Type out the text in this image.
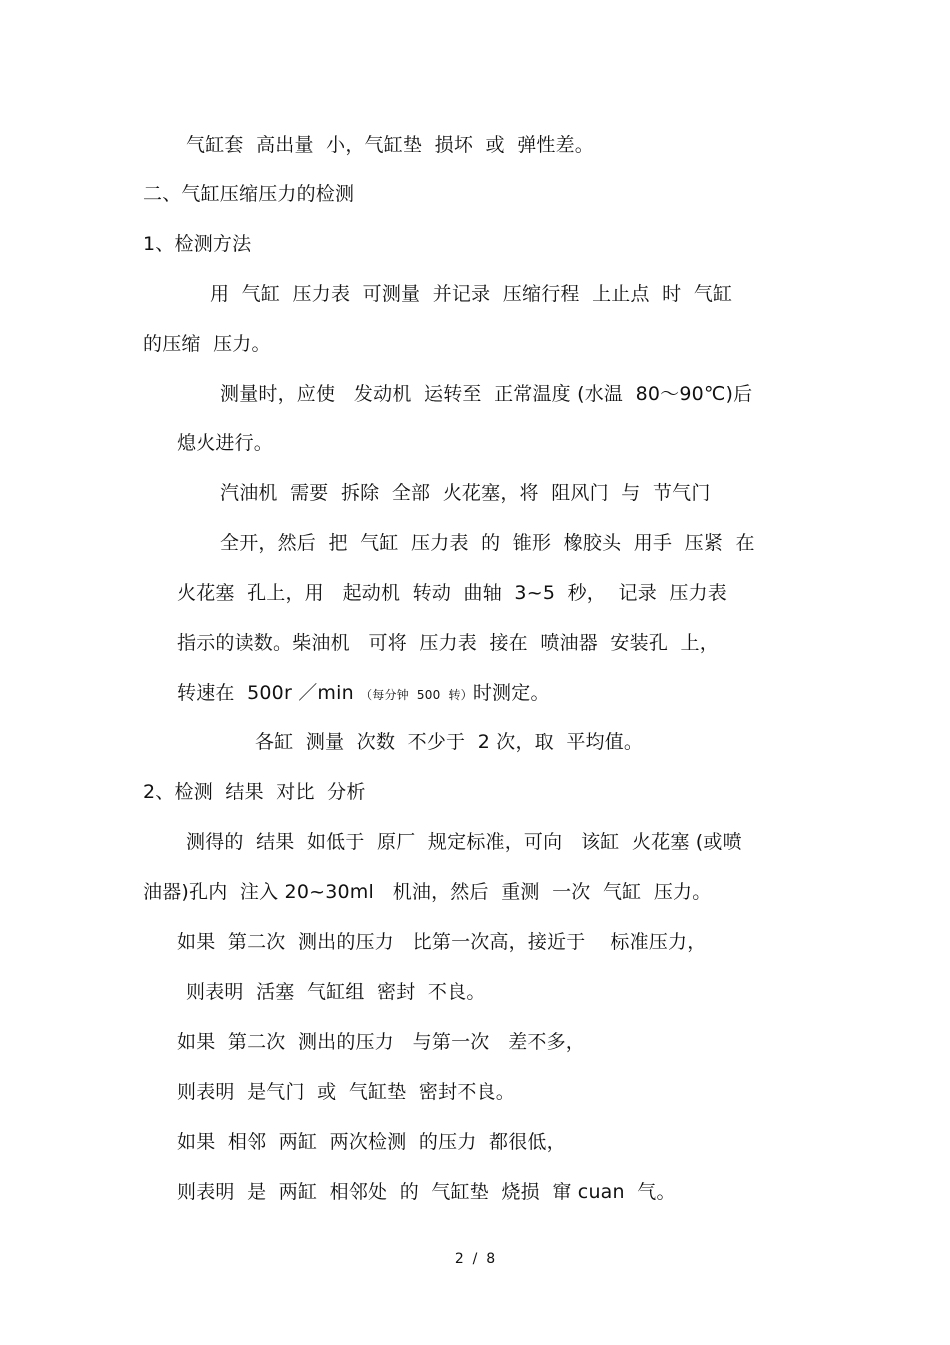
气缸套  高出量  小，气缸垫  损坏  或  弹性差。
二、气缸压缩压力的检测
1、检测方法
用  气缸  压力表  可测量  并记录  压缩行程  上止点  时  气缸
的压缩  压力。
测量时，应使   发动机  运转至  正常温度 (水温  80～90℃)后
熄火进行。
汽油机  需要  拆除  全部  火花塞，将  阻风门  与  节气门
全开，然后  把  气缸  压力表  的  锥形  橡胶头  用手  压紧  在
火花塞  孔上，用   起动机  转动  曲轴  3~5  秒，  记录  压力表
指示的读数。柴油机   可将  压力表  接在  喷油器  安装孔  上，
转速在  500r ／min （每分钟  500  转）时测定。
各缸  测量  次数  不少于  2 次，取  平均值。
2、检测  结果  对比  分析
测得的  结果  如低于  原厂  规定标准，可向   该缸  火花塞 (或喷
油器)孔内  注入 20~30ml   机油，然后  重测  一次  气缸  压力。
如果  第二次  测出的压力   比第一次高，接近于    标准压力，
则表明  活塞  气缸组  密封  不良。
如果  第二次  测出的压力   与第一次   差不多，
则表明  是气门  或  气缸垫  密封不良。
如果  相邻  两缸  两次检测  的压力  都很低，
则表明  是  两缸  相邻处  的  气缸垫  烧损  窜 cuan  气。
2  /  8
